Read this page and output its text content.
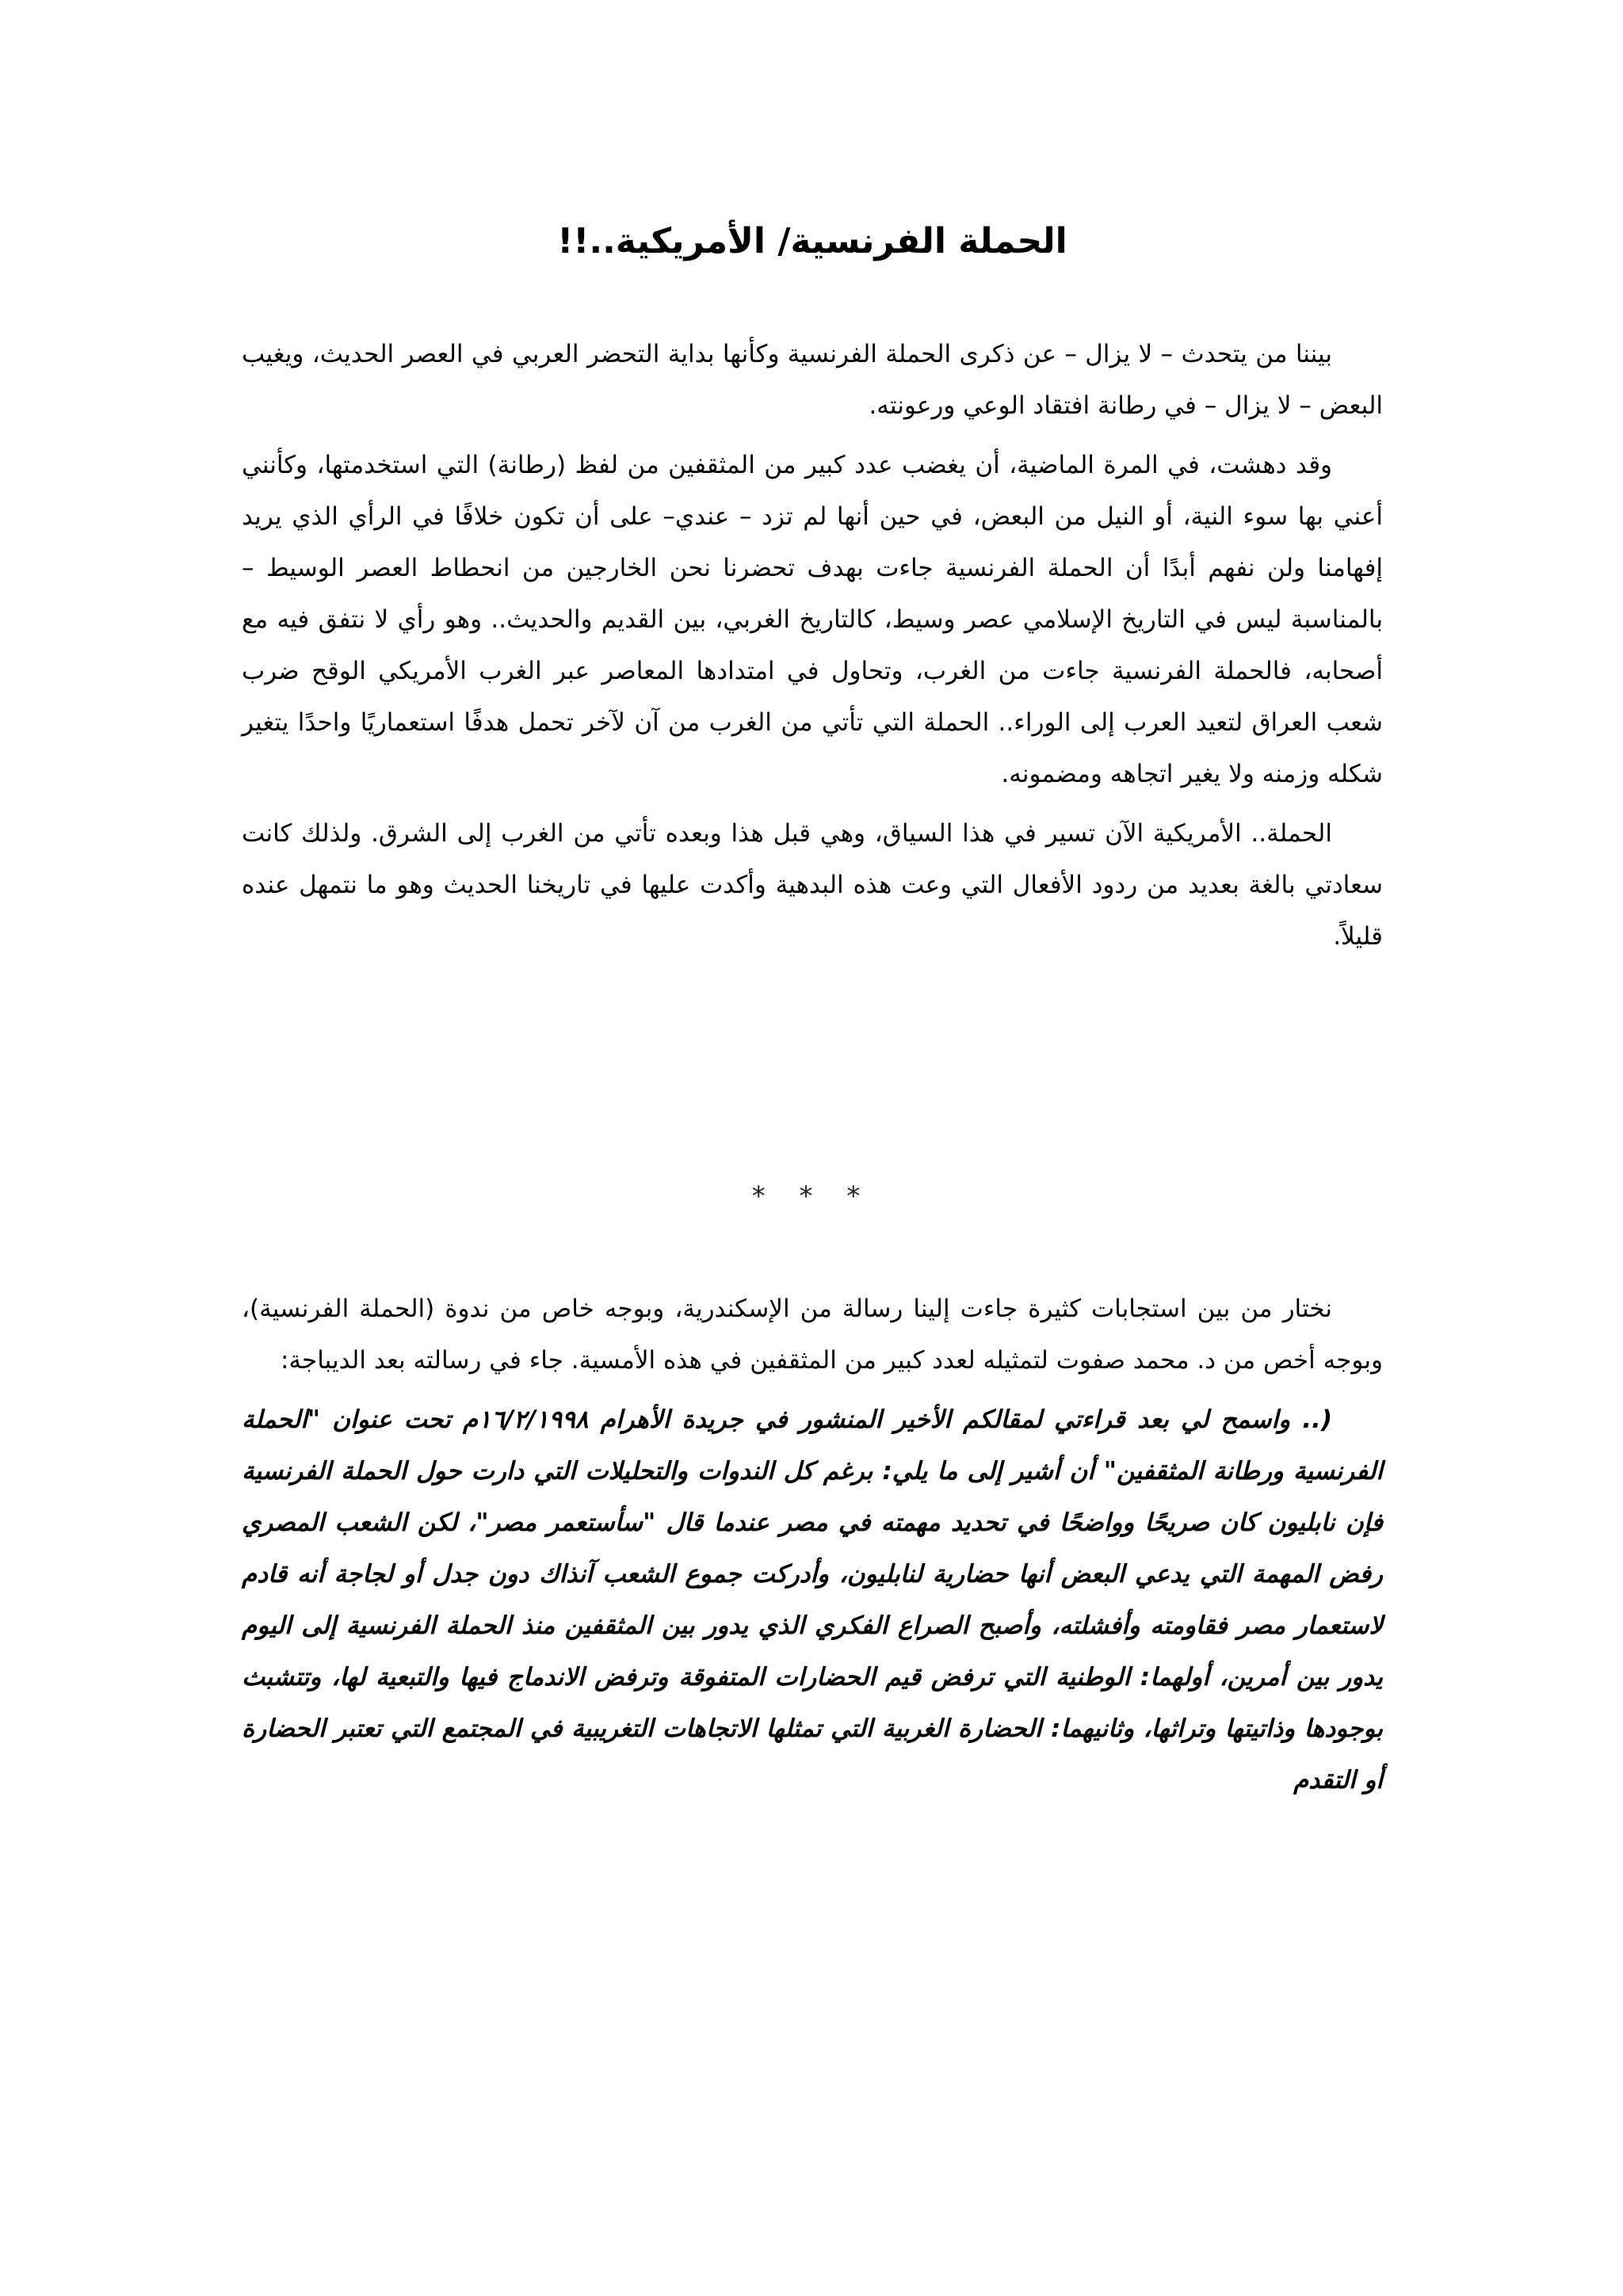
الحملة الفرنسية/ الأمريكية..!!

بيننا من يتحدث – لا يزال – عن ذكرى الحملة الفرنسية وكأنها بداية التحضر العربي في العصر الحديث، ويغيب البعض – لا يزال – في رطانة افتقاد الوعي ورعونته.

وقد دهشت، في المرة الماضية، أن يغضب عدد كبير من المثقفين من لفظ (رطانة) التي استخدمتها، وكأنني أعني بها سوء النية، أو النيل من البعض، في حين أنها لم تزد – عندي– على أن تكون خلافًا في الرأي الذي يريد إفهامنا ولن نفهم أبدًا أن الحملة الفرنسية جاءت بهدف تحضرنا نحن الخارجين من انحطاط العصر الوسيط – بالمناسبة ليس في التاريخ الإسلامي عصر وسيط، كالتاريخ الغربي، بين القديم والحديث.. وهو رأي لا نتفق فيه مع أصحابه، فالحملة الفرنسية جاءت من الغرب، وتحاول في امتدادها المعاصر عبر الغرب الأمريكي الوقح ضرب شعب العراق لتعيد العرب إلى الوراء.. الحملة التي تأتي من الغرب من آن لآخر تحمل هدفًا استعماريًا واحدًا يتغير شكله وزمنه ولا يغير اتجاهه ومضمونه.

الحملة.. الأمريكية الآن تسير في هذا السياق، وهي قبل هذا وبعده تأتي من الغرب إلى الشرق. ولذلك كانت سعادتي بالغة بعديد من ردود الأفعال التي وعت هذه البدهية وأكدت عليها في تاريخنا الحديث وهو ما نتمهل عنده قليلاً.

* * *

نختار من بين استجابات كثيرة جاءت إلينا رسالة من الإسكندرية، وبوجه خاص من ندوة (الحملة الفرنسية)، وبوجه أخص من د. محمد صفوت لتمثيله لعدد كبير من المثقفين في هذه الأمسية. جاء في رسالته بعد الديباجة:

(.. واسمح لي بعد قراءتي لمقالكم الأخير المنشور في جريدة الأهرام ١٦/٢/١٩٩٨م تحت عنوان "الحملة الفرنسية ورطانة المثقفين" أن أشير إلى ما يلي: برغم كل الندوات والتحليلات التي دارت حول الحملة الفرنسية فإن نابليون كان صريحًا وواضحًا في تحديد مهمته في مصر عندما قال "سأستعمر مصر"، لكن الشعب المصري رفض المهمة التي يدعي البعض أنها حضارية لنابليون، وأدركت جموع الشعب آنذاك دون جدل أو لجاجة أنه قادم لاستعمار مصر فقاومته وأفشلته، وأصبح الصراع الفكري الذي يدور بين المثقفين منذ الحملة الفرنسية إلى اليوم يدور بين أمرين، أولهما: الوطنية التي ترفض قيم الحضارات المتفوقة وترفض الاندماج فيها والتبعية لها، وتتشبث بوجودها وذاتيتها وتراثها، وثانيهما: الحضارة الغربية التي تمثلها الاتجاهات التغريبية في المجتمع التي تعتبر الحضارة أو التقدم
